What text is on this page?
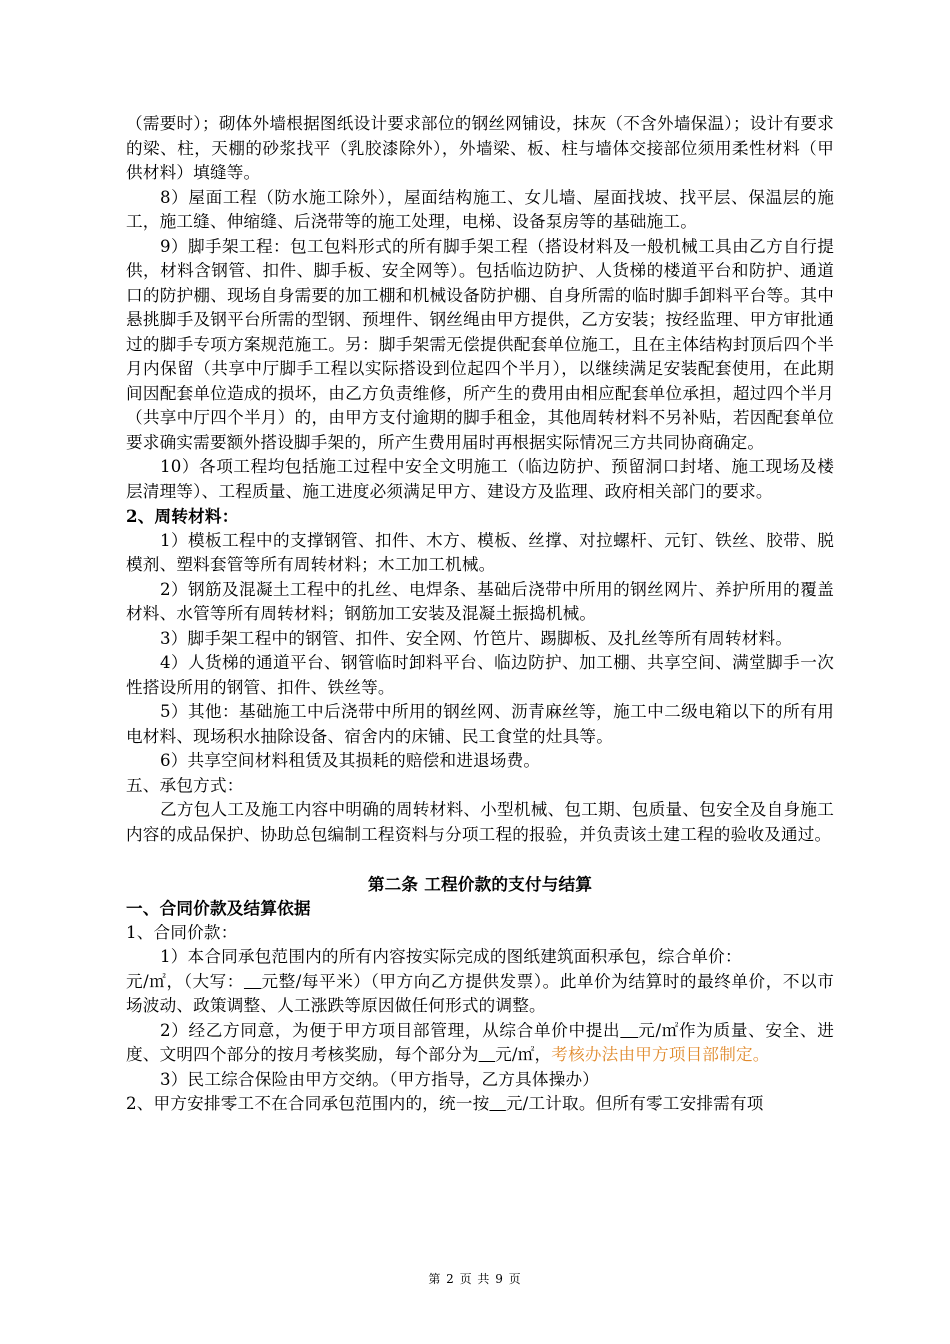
（需要时）；砌体外墙根据图纸设计要求部位的钢丝网铺设，抹灰（不含外墙保温）；设计有要求的梁、柱，天棚的砂浆找平（乳胶漆除外），外墙梁、板、柱与墙体交接部位须用柔性材料（甲供材料）填缝等。

8）屋面工程（防水施工除外），屋面结构施工、女儿墙、屋面找坡、找平层、保温层的施工，施工缝、伸缩缝、后浇带等的施工处理，电梯、设备泵房等的基础施工。

9）脚手架工程：包工包料形式的所有脚手架工程（搭设材料及一般机械工具由乙方自行提供，材料含钢管、扣件、脚手板、安全网等）。包括临边防护、人货梯的楼道平台和防护、通道口的防护棚、现场自身需要的加工棚和机械设备防护棚、自身所需的临时脚手卸料平台等。其中悬挑脚手及钢平台所需的型钢、预埋件、钢丝绳由甲方提供，乙方安装；按经监理、甲方审批通过的脚手专项方案规范施工。另：脚手架需无偿提供配套单位施工，且在主体结构封顶后四个半月内保留（共享中厅脚手工程以实际搭设到位起四个半月），以继续满足安装配套使用，在此期间因配套单位造成的损坏，由乙方负责维修，所产生的费用由相应配套单位承担，超过四个半月（共享中厅四个半月）的，由甲方支付逾期的脚手租金，其他周转材料不另补贴，若因配套单位要求确实需要额外搭设脚手架的，所产生费用届时再根据实际情况三方共同协商确定。

10）各项工程均包括施工过程中安全文明施工（临边防护、预留洞口封堵、施工现场及楼层清理等）、工程质量、施工进度必须满足甲方、建设方及监理、政府相关部门的要求。

2、周转材料：

1）模板工程中的支撑钢管、扣件、木方、模板、丝撑、对拉螺杆、元钉、铁丝、胶带、脱模剂、塑料套管等所有周转材料；木工加工机械。

2）钢筋及混凝土工程中的扎丝、电焊条、基础后浇带中所用的钢丝网片、养护所用的覆盖材料、水管等所有周转材料；钢筋加工安装及混凝土振捣机械。

3）脚手架工程中的钢管、扣件、安全网、竹笆片、踢脚板、及扎丝等所有周转材料。

4）人货梯的通道平台、钢管临时卸料平台、临边防护、加工棚、共享空间、满堂脚手一次性搭设所用的钢管、扣件、铁丝等。

5）其他：基础施工中后浇带中所用的钢丝网、沥青麻丝等，施工中二级电箱以下的所有用电材料、现场积水抽除设备、宿舍内的床铺、民工食堂的灶具等。

6）共享空间材料租赁及其损耗的赔偿和进退场费。

五、承包方式：

乙方包人工及施工内容中明确的周转材料、小型机械、包工期、包质量、包安全及自身施工内容的成品保护、协助总包编制工程资料与分项工程的报验，并负责该土建工程的验收及通过。

第二条 工程价款的支付与结算

一、合同价款及结算依据

1、合同价款：

1）本合同承包范围内的所有内容按实际完成的图纸建筑面积承包，综合单价：
元/㎡，（大写： 元整/每平米）（甲方向乙方提供发票）。此单价为结算时的最终单价，不以市场波动、政策调整、人工涨跌等原因做任何形式的调整。

2）经乙方同意，为便于甲方项目部管理，从综合单价中提出 元/㎡作为质量、安全、进度、文明四个部分的按月考核奖励，每个部分为 元/㎡，考核办法由甲方项目部制定。

3）民工综合保险由甲方交纳。（甲方指导，乙方具体操办）

2、甲方安排零工不在合同承包范围内的，统一按 元/工计取。但所有零工安排需有项

第 2 页 共 9 页
